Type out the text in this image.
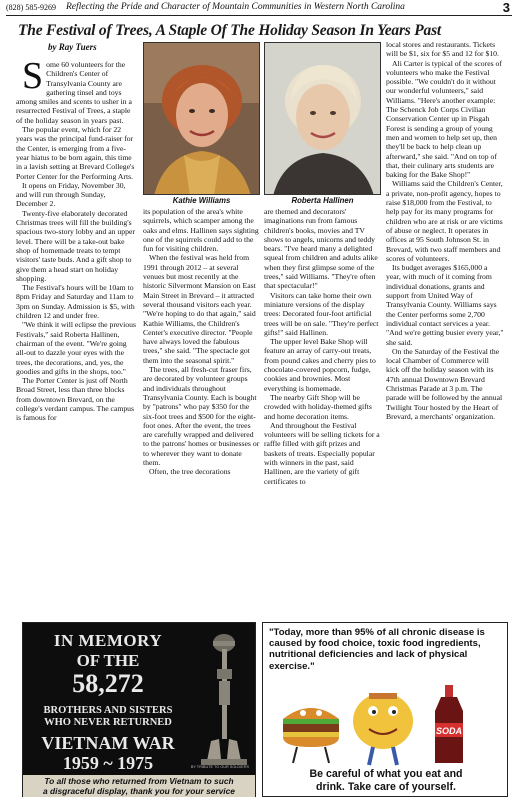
(828) 585-9269 Reflecting the Pride and Character of Mountain Communities in Western North Carolina	3
The Festival of Trees, A Staple Of The Holiday Season In Years Past
by Ray Tuers

Some 60 volunteers for the Children's Center of Transylvania County are gathering tinsel and toys among smiles and scents to usher in a resurrected Festival of Trees, a staple of the holiday season in years past.

The popular event, which for 22 years was the principal fund-raiser for the Center, is emerging from a five-year hiatus to be born again, this time in a lavish setting at Brevard College's Porter Center for the Performing Arts.

It opens on Friday, November 30, and will run through Sunday, December 2.

Twenty-five elaborately decorated Christmas trees will fill the building's spacious two-story lobby and an upper level. There will be a take-out bake shop of homemade treats to tempt visitors' taste buds. And a gift shop to give them a head start on holiday shopping.

The Festival's hours will be 10am to 8pm Friday and Saturday and 11am to 3pm on Sunday. Admission is $5, with children 12 and under free.

"We think it will eclipse the previous Festivals," said Roberta Hallinen, chairman of the event. "We're going all-out to dazzle your eyes with the trees, the decorations, and, yes, the goodies and gifts in the shops, too."

The Porter Center is just off North Broad Street, less than three blocks from downtown Brevard, on the college's verdant campus. The campus is famous for

Kathie Williams	Roberta Hallinen

its population of the area's white squirrels, which scamper among the oaks and elms. Hallinen says sighting one of the squirrels could add to the fun for visiting children.

When the festival was held from 1991 through 2012 – at several venues but most recently at the historic Silvermont Mansion on East Main Street in Brevard – it attracted several thousand visitors each year. "We're hoping to do that again," said Kathie Williams, the Children's Center's executive director. "People have always loved the fabulous trees," she said. "The spectacle got them into the seasonal spirit."

The trees, all fresh-cut fraser firs, are decorated by volunteer groups and individuals throughout Transylvania County. Each is bought by "patrons" who pay $350 for the six-foot trees and $500 for the eight-foot ones. After the event, the trees are carefully wrapped and delivered to the patrons' homes or businesses or to wherever they want to donate them.

Often, the tree decorations

are themed and decorators' imaginations run from famous children's books, movies and TV shows to angels, unicorns and teddy bears. "I've heard many a delighted squeal from children and adults alike when they first glimpse some of the trees," said Williams. "They're often that spectacular!"

Visitors can take home their own miniature versions of the display trees: Decorated four-foot artificial trees will be on sale. "They're perfect gifts!" said Hallinen.

The upper level Bake Shop will feature an array of carry-out treats, from pound cakes and cherry pies to chocolate-covered popcorn, fudge, cookies and brownies. Most everything is homemade.

The nearby Gift Shop will be crowded with holiday-themed gifts and home decoration items.

And throughout the Festival volunteers will be selling tickets for a raffle filled with gift prizes and baskets of treats. Especially popular with winners in the past, said Hallinen, are the variety of gift certificates to

local stores and restaurants. Tickets will be $1, six for $5 and 12 for $10.

Ali Carter is typical of the scores of volunteers who make the Festival possible. "We couldn't do it without our wonderful volunteers," said Williams. "Here's another example: The Schenck Job Corps Civilian Conservation Center up in Pisgah Forest is sending a group of young men and women to help set up, then they'll be back to help clean up afterward," she said. "And on top of that, their culinary arts students are baking for the Bake Shop!"

Williams said the Children's Center, a private, non-profit agency, hopes to raise $18,000 from the Festival, to help pay for its many programs for children who are at risk or are victims of abuse or neglect. It operates in offices at 95 South Johnson St. in Brevard, with two staff members and scores of volunteers.

Its budget averages $165,000 a year, with much of it coming from individual donations, grants and support from United Way of Transylvania County. Williams says the Center performs some 2,700 individual contact services a year. "And we're getting busier every year," she said.

On the Saturday of the Festival the local Chamber of Commerce will kick off the holiday season with its 47th annual Downtown Brevard Christmas Parade at 3 p.m. The parade will be followed by the annual Twilight Tour hosted by the Heart of Brevard, a merchants' organization.

IN MEMORY
OF THE
58,272
BROTHERS AND SISTERS
WHO NEVER RETURNED
VIETNAM WAR
1959 ~ 1975	BY TRIBUTE TO OUR SOLDIERS
To all those who returned from Vietnam to such
a disgraceful display, thank you for your service
"Today, more than 95% of all chronic disease is caused by food choice, toxic food ingredients, nutritional deficiencies and lack of physical exercise."
SODA
Be careful of what you eat and
drink. Take care of yourself.
